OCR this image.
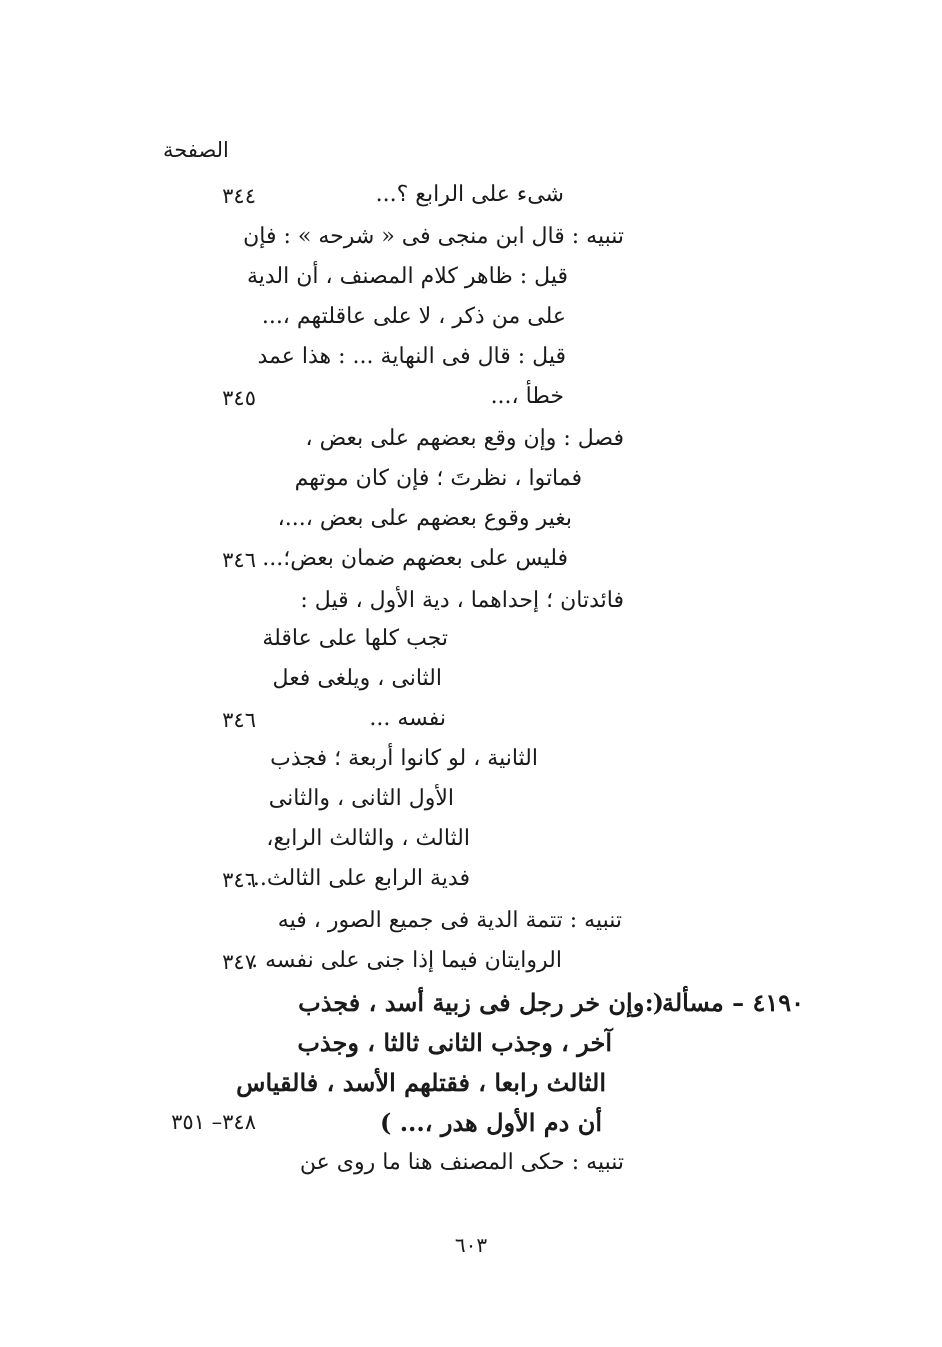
الصفحة
شىء على الرابع ؟...
٣٤٤
تنبيه : قال ابن منجى فى « شرحه » : فإن
قيل : ظاهر كلام المصنف ، أن الدية
على من ذكر ، لا على عاقلتهم ،...
قيل : قال فى النهاية ... : هذا عمد
خطأ ،...
٣٤٥
فصل : وإن وقع بعضهم على بعض ،
فماتوا ، نظرتَ ؛ فإن كان موتهم
بغير وقوع بعضهم على بعض ،...،
فليس على بعضهم ضمان بعض؛...
٣٤٦
فائدتان ؛ إحداهما ، دية الأول ، قيل :
تجب كلها على عاقلة
الثانى ، ويلغى فعل
نفسه ...
٣٤٦
الثانية ، لو كانوا أربعة ؛ فجذب
الأول الثانى ، والثانى
الثالث ، والثالث الرابع،
فدية الرابع على الثالث...
٣٤٦
تنبيه : تتمة الدية فى جميع الصور ، فيه
الروايتان فيما إذا جنى على نفسه .
٣٤٧
( وإن خر رجل فى زبية أسد ، فجذب
٤١٩٠ – مسألة :
آخر ، وجذب الثانى ثالثا ، وجذب
الثالث رابعا ، فقتلهم الأسد ، فالقياس
أن دم الأول هدر ،... )
٣٤٨– ٣٥١
تنبيه : حكى المصنف هنا ما روى عن
٦٠٣
